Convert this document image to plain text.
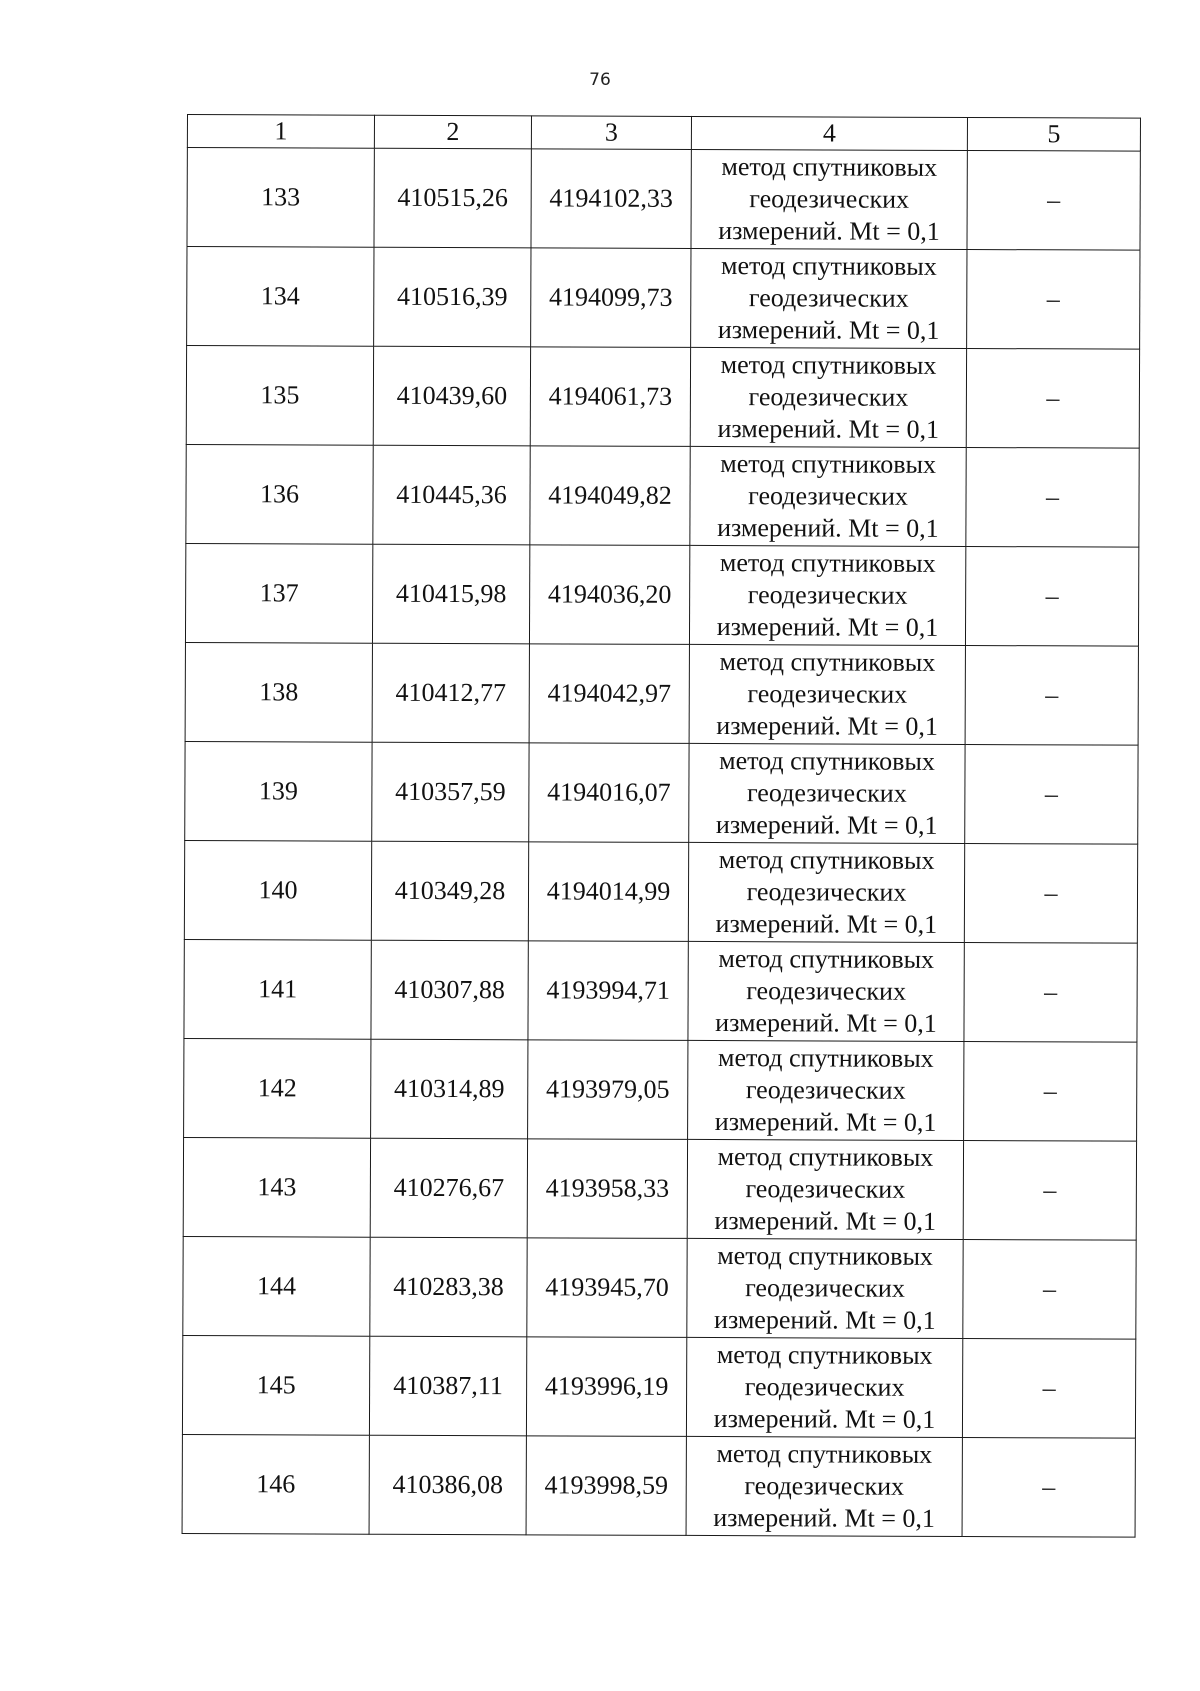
76
1	2	3	4	5
133	410515,26	4194102,33	метод спутниковых
геодезических
измерений. Mt = 0,1	–
134	410516,39	4194099,73	метод спутниковых
геодезических
измерений. Mt = 0,1	–
135	410439,60	4194061,73	метод спутниковых
геодезических
измерений. Mt = 0,1	–
136	410445,36	4194049,82	метод спутниковых
геодезических
измерений. Mt = 0,1	–
137	410415,98	4194036,20	метод спутниковых
геодезических
измерений. Mt = 0,1	–
138	410412,77	4194042,97	метод спутниковых
геодезических
измерений. Mt = 0,1	–
139	410357,59	4194016,07	метод спутниковых
геодезических
измерений. Mt = 0,1	–
140	410349,28	4194014,99	метод спутниковых
геодезических
измерений. Mt = 0,1	–
141	410307,88	4193994,71	метод спутниковых
геодезических
измерений. Mt = 0,1	–
142	410314,89	4193979,05	метод спутниковых
геодезических
измерений. Mt = 0,1	–
143	410276,67	4193958,33	метод спутниковых
геодезических
измерений. Mt = 0,1	–
144	410283,38	4193945,70	метод спутниковых
геодезических
измерений. Mt = 0,1	–
145	410387,11	4193996,19	метод спутниковых
геодезических
измерений. Mt = 0,1	–
146	410386,08	4193998,59	метод спутниковых
геодезических
измерений. Mt = 0,1	–
